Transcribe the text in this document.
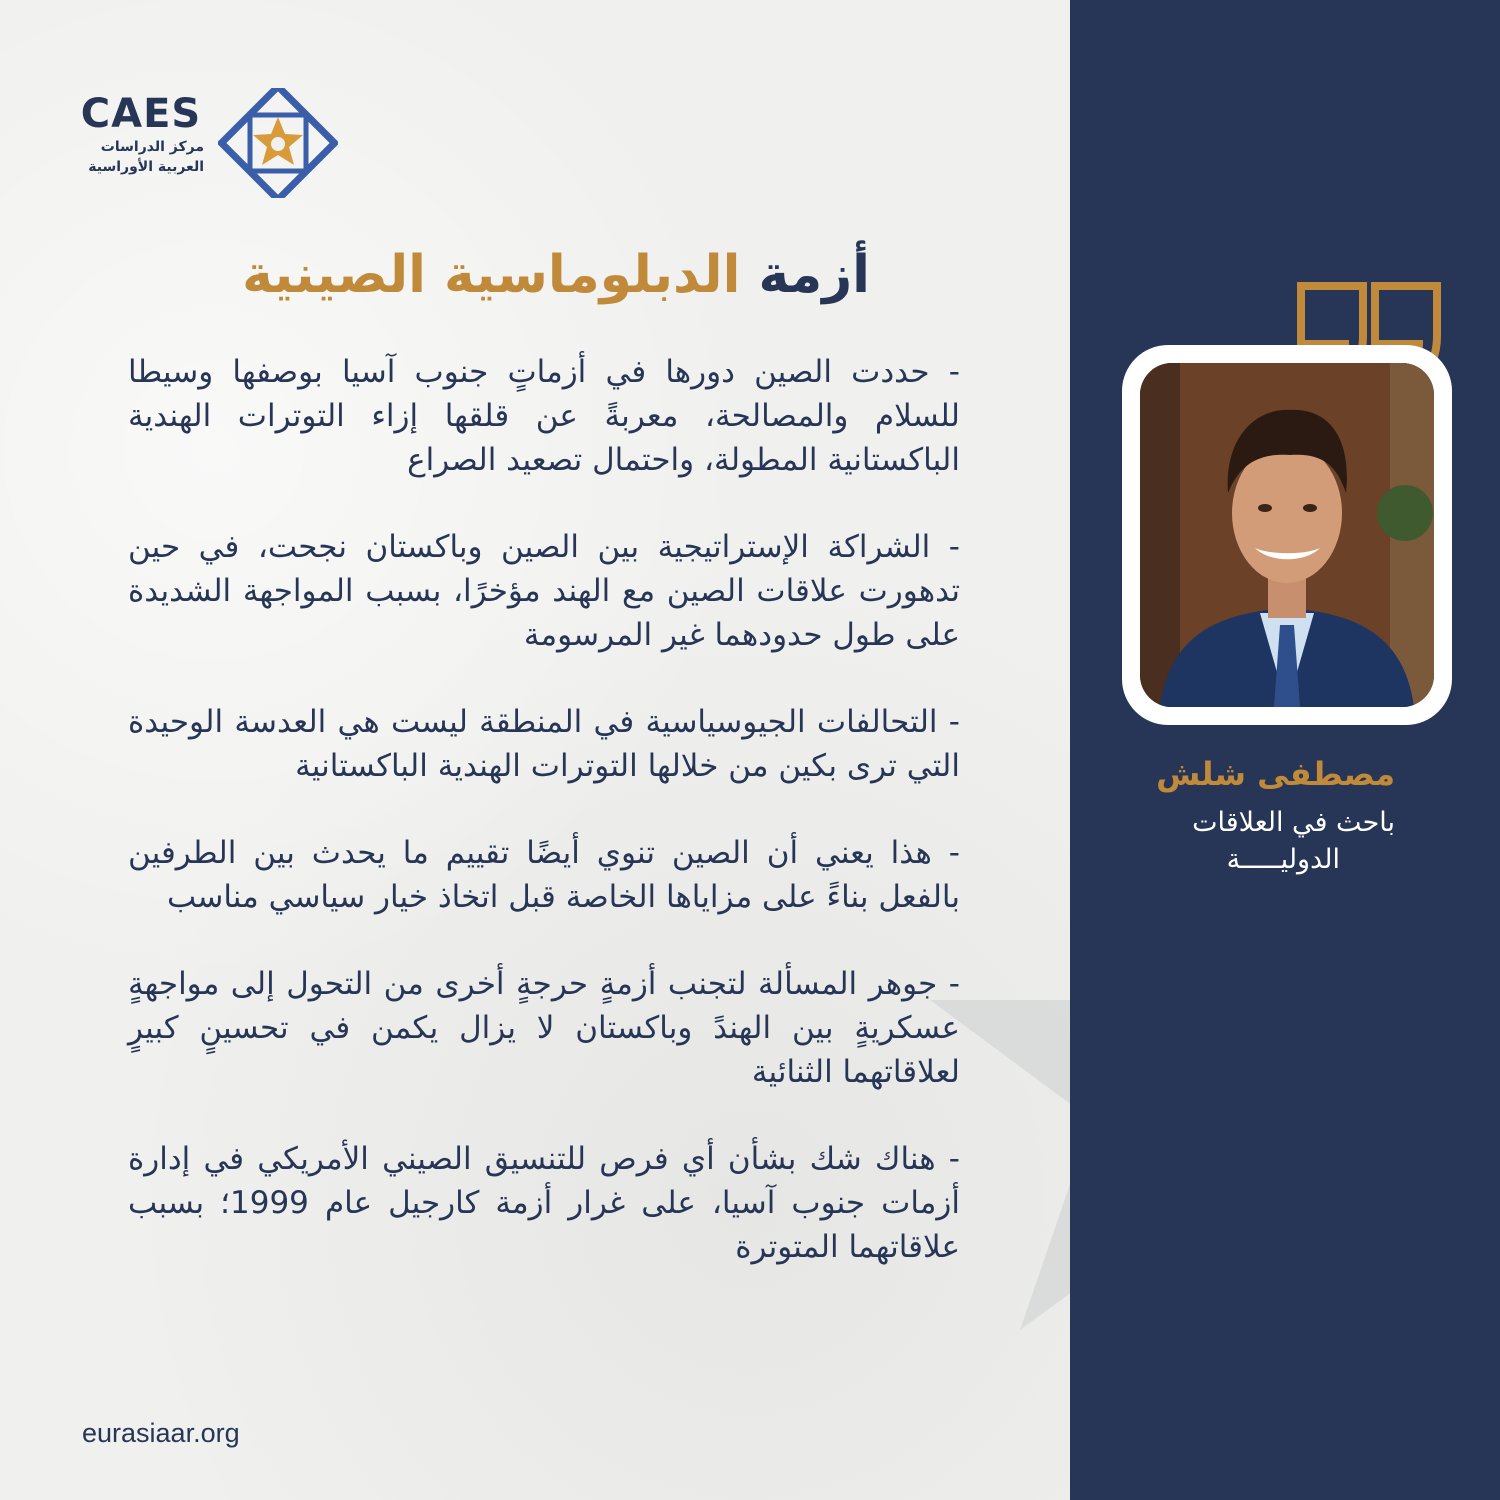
CAES
مركز الدراسات
العربية الأوراسية
أزمة الدبلوماسية الصينية

- حددت الصين دورها في أزماتٍ جنوب آسيا بوصفها وسيطا للسلام والمصالحة، معربةً عن قلقها إزاء التوترات الهندية الباكستانية المطولة، واحتمال تصعيد الصراع

- الشراكة الإستراتيجية بين الصين وباكستان نجحت، في حين تدهورت علاقات الصين مع الهند مؤخرًا، بسبب المواجهة الشديدة على طول حدودهما غير المرسومة

- التحالفات الجيوسياسية في المنطقة ليست هي العدسة الوحيدة التي ترى بكين من خلالها التوترات الهندية الباكستانية

- هذا يعني أن الصين تنوي أيضًا تقييم ما يحدث بين الطرفين بالفعل بناءً على مزاياها الخاصة قبل اتخاذ خيار سياسي مناسب

- جوهر المسألة لتجنب أزمةٍ حرجةٍ أخرى من التحول إلى مواجهةٍ عسكريةٍ بين الهندً وباكستان لا يزال يكمن في تحسينٍ كبيرٍ لعلاقاتهما الثنائية

- هناك شك بشأن أي فرص للتنسيق الصيني الأمريكي في إدارة أزمات جنوب آسيا، على غرار أزمة كارجيل عام 1999؛ بسبب علاقاتهما المتوترة

eurasiaar.org
مصطفى شلش
باحث في العلاقات
الدوليـــــة
